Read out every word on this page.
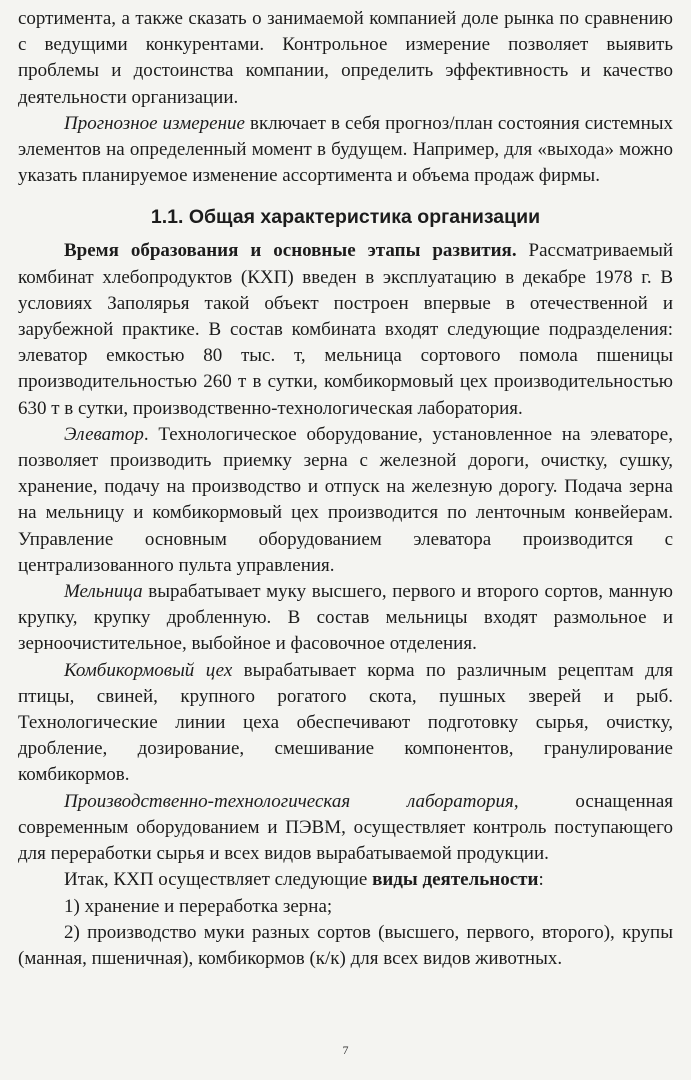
сортимента, а также сказать о занимаемой компанией доле рынка по сравнению с ведущими конкурентами. Контрольное измерение позволяет выявить проблемы и достоинства компании, определить эффективность и качество деятельности организации.

Прогнозное измерение включает в себя прогноз/план состояния системных элементов на определенный момент в будущем. Например, для «выхода» можно указать планируемое изменение ассортимента и объема продаж фирмы.

1.1. Общая характеристика организации

Время образования и основные этапы развития. Рассматриваемый комбинат хлебопродуктов (КХП) введен в эксплуатацию в декабре 1978 г. В условиях Заполярья такой объект построен впервые в отечественной и зарубежной практике. В состав комбината входят следующие подразделения: элеватор емкостью 80 тыс. т, мельница сортового помола пшеницы производительностью 260 т в сутки, комбикормовый цех производительностью 630 т в сутки, производственно-технологическая лаборатория.

Элеватор. Технологическое оборудование, установленное на элеваторе, позволяет производить приемку зерна с железной дороги, очистку, сушку, хранение, подачу на производство и отпуск на железную дорогу. Подача зерна на мельницу и комбикормовый цех производится по ленточным конвейерам. Управление основным оборудованием элеватора производится с централизованного пульта управления.

Мельница вырабатывает муку высшего, первого и второго сортов, манную крупку, крупку дробленную. В состав мельницы входят размольное и зерноочистительное, выбойное и фасовочное отделения.

Комбикормовый цех вырабатывает корма по различным рецептам для птицы, свиней, крупного рогатого скота, пушных зверей и рыб. Технологические линии цеха обеспечивают подготовку сырья, очистку, дробление, дозирование, смешивание компонентов, гранулирование комбикормов.

Производственно-технологическая лаборатория, оснащенная современным оборудованием и ПЭВМ, осуществляет контроль поступающего для переработки сырья и всех видов вырабатываемой продукции.

Итак, КХП осуществляет следующие виды деятельности:

1) хранение и переработка зерна;

2) производство муки разных сортов (высшего, первого, второго), крупы (манная, пшеничная), комбикормов (к/к) для всех видов животных.

7
